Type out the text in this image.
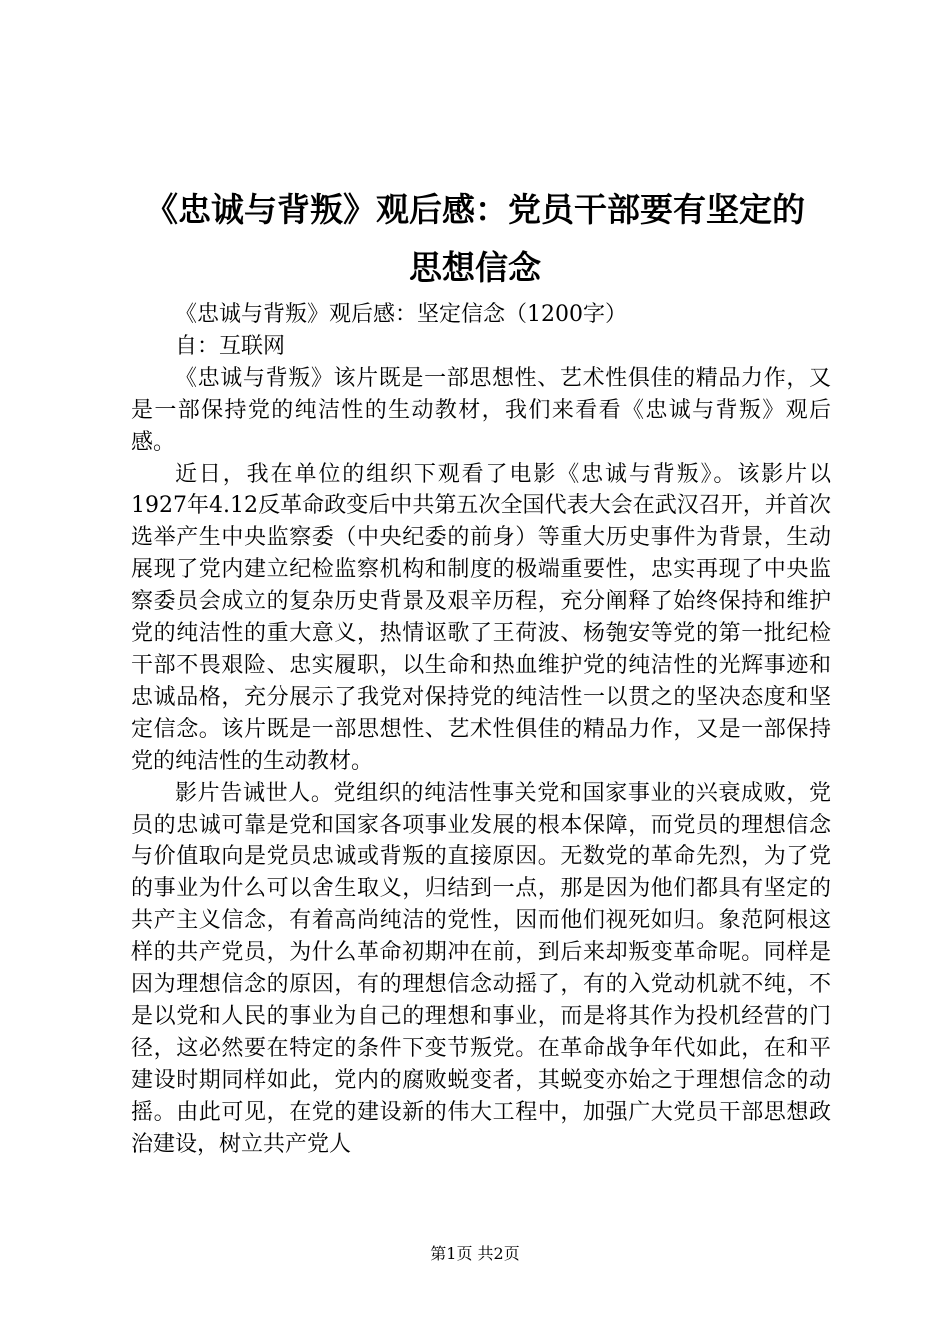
《忠诚与背叛》观后感：党员干部要有坚定的
思想信念

《忠诚与背叛》观后感：坚定信念（1200字）

自：互联网

《忠诚与背叛》该片既是一部思想性、艺术性俱佳的精品力作，又是一部保持党的纯洁性的生动教材，我们来看看《忠诚与背叛》观后感。

近日，我在单位的组织下观看了电影《忠诚与背叛》。该影片以1927年4.12反革命政变后中共第五次全国代表大会在武汉召开，并首次选举产生中央监察委（中央纪委的前身）等重大历史事件为背景，生动展现了党内建立纪检监察机构和制度的极端重要性，忠实再现了中央监察委员会成立的复杂历史背景及艰辛历程，充分阐释了始终保持和维护党的纯洁性的重大意义，热情讴歌了王荷波、杨匏安等党的第一批纪检干部不畏艰险、忠实履职，以生命和热血维护党的纯洁性的光辉事迹和忠诚品格，充分展示了我党对保持党的纯洁性一以贯之的坚决态度和坚定信念。该片既是一部思想性、艺术性俱佳的精品力作，又是一部保持党的纯洁性的生动教材。

影片告诫世人。党组织的纯洁性事关党和国家事业的兴衰成败，党员的忠诚可靠是党和国家各项事业发展的根本保障，而党员的理想信念与价值取向是党员忠诚或背叛的直接原因。无数党的革命先烈，为了党的事业为什么可以舍生取义，归结到一点，那是因为他们都具有坚定的共产主义信念，有着高尚纯洁的党性，因而他们视死如归。象范阿根这样的共产党员，为什么革命初期冲在前，到后来却叛变革命呢。同样是因为理想信念的原因，有的理想信念动摇了，有的入党动机就不纯，不是以党和人民的事业为自己的理想和事业，而是将其作为投机经营的门径，这必然要在特定的条件下变节叛党。在革命战争年代如此，在和平建设时期同样如此，党内的腐败蜕变者，其蜕变亦始之于理想信念的动摇。由此可见，在党的建设新的伟大工程中，加强广大党员干部思想政治建设，树立共产党人

第1页 共2页
